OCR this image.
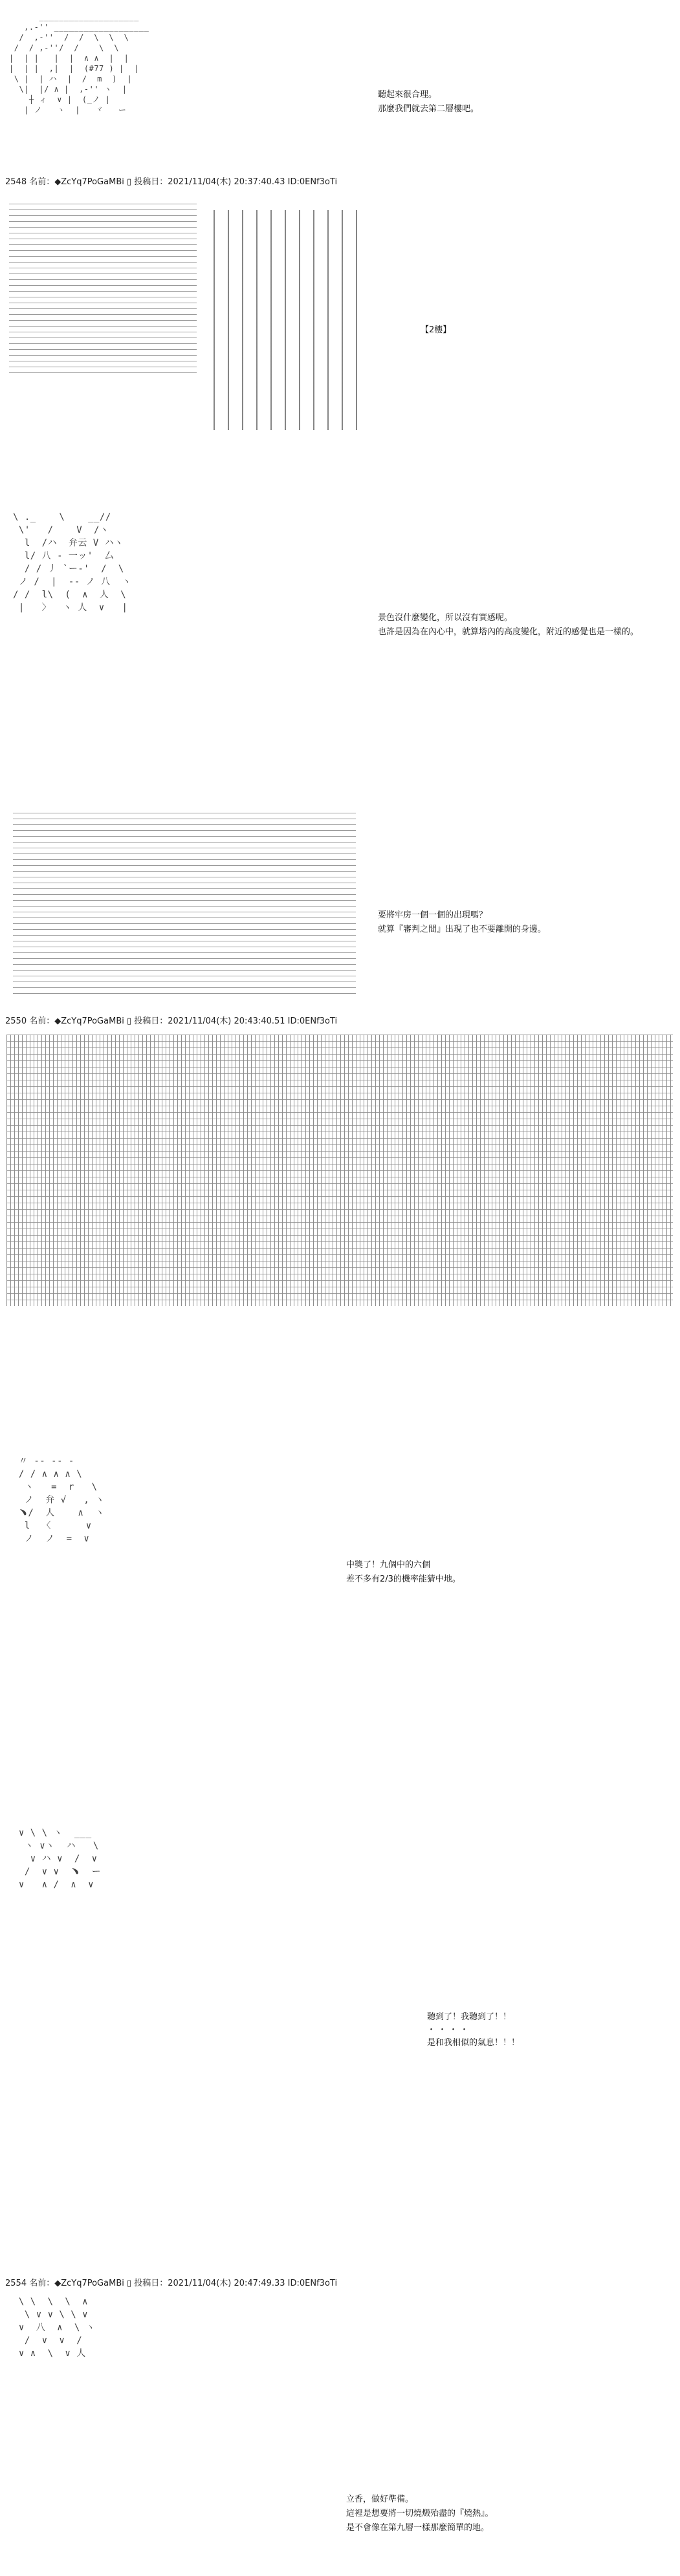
____________________
,.-'' ___________________
/  ,-''  /  /  \  \  \
/  / ,-''/  /    \  \
|  | |   |  |  ∧ ∧  |  |
|  | |  ,|  |  (#77 ) |  |
\ |  | ハ  |  /  m  )  |
\|  |/ ∧ |  ,-'' ヽ  |
┼ ィ  ∨ |  (_ノ |
| ノ   ヽ  |   ヾ   ー
聽起來很合理。
那麼我們就去第二層樓吧。
2548 名前：◆ZcYq7PoGaMBi ▯ 投稿日：2021/11/04(木) 20:37:40.43 ID:0ENf3oTi
【2樓】
\ ._    \    __//
\'   /    V  /ヽ
l  /ハ  弁云 V ハヽ
l/ 八 ‐ 一ッ'  厶
/ / 丿 `ー‐'  /  \
ノ /  |  ‐‐ ノ 八  ヽ
/ /  l\  (  ∧  人  \
|   〉  ヽ 人  ∨   |
景色沒什麼變化，所以沒有實感呢。
也許是因為在內心中，就算塔內的高度變化，附近的感覺也是一樣的。
要將牢房一個一個的出現嗎？
就算『審判之間』出現了也不要離開的身邊。
2550 名前：◆ZcYq7PoGaMBi ▯ 投稿日：2021/11/04(木) 20:43:40.51 ID:0ENf3oTi
〃 ‐‐ ‐‐ ‐
/ / ∧ ∧ ∧ \
ヽ   =  r   \
ノ  弁 √   , ヽ
﹅/  人    ∧  ヽ
l  〈      ∨
ノ  ノ  =  ∨
中獎了！九個中的六個
差不多有2/3的機率能猜中地。
∨ \ \ ヽ  ___
ヽ ∨ヽ  ハ   \
∨ ハ ∨  /  ∨
/  ∨ ∨  ﹅  ー
∨   ∧ /  ∧  ∨
聽到了！我聽到了！！
・・・・
是和我相似的氣息！！！
2554 名前：◆ZcYq7PoGaMBi ▯ 投稿日：2021/11/04(木) 20:47:49.33 ID:0ENf3oTi
\ \  \  \  ∧
\ ∨ ∨ \ \ ∨
∨  八  ∧  \ ヽ
/  ∨  ∨  /
∨ ∧  \  ∨ 人
立香，做好準備。
這裡是想要將一切燒燬殆盡的『燒熱』。
是不會像在第九層一樣那麼簡單的地。
